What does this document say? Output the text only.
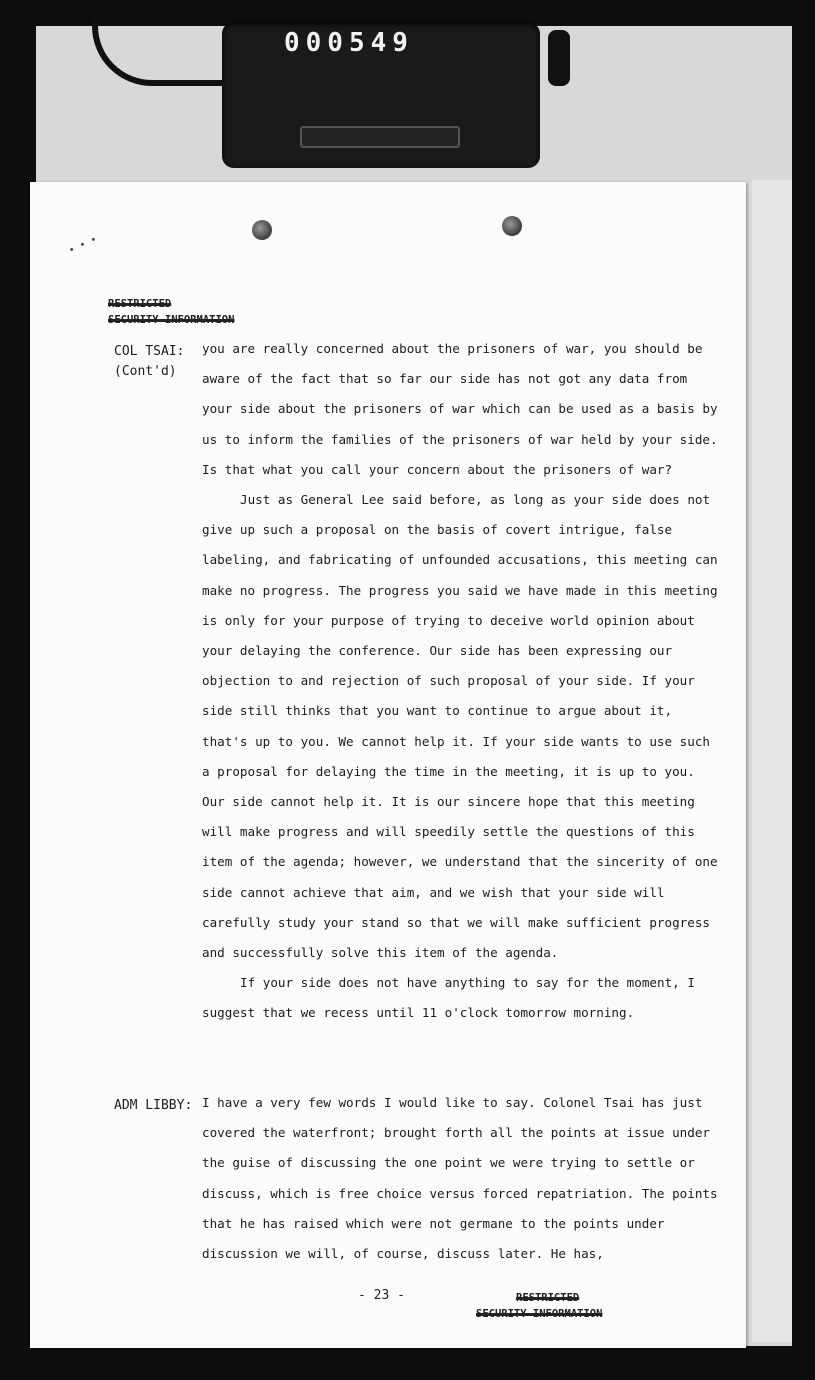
000549
• • •
RESTRICTED
SECURITY INFORMATION
COL TSAI:
(Cont'd)

you are really concerned about the prisoners of war, you should be aware of the fact that so far our side has not got any data from your side about the prisoners of war which can be used as a basis by us to inform the families of the prisoners of war held by your side. Is that what you call your concern about the prisoners of war?

Just as General Lee said before, as long as your side does not give up such a proposal on the basis of covert intrigue, false labeling, and fabricating of unfounded accusations, this meeting can make no progress. The progress you said we have made in this meeting is only for your purpose of trying to deceive world opinion about your delaying the conference. Our side has been expressing our objection to and rejection of such proposal of your side. If your side still thinks that you want to continue to argue about it, that's up to you. We cannot help it. If your side wants to use such a proposal for delaying the time in the meeting, it is up to you. Our side cannot help it. It is our sincere hope that this meeting will make progress and will speedily settle the questions of this item of the agenda; however, we understand that the sincerity of one side cannot achieve that aim, and we wish that your side will carefully study your stand so that we will make sufficient progress and successfully solve this item of the agenda.

If your side does not have anything to say for the moment, I suggest that we recess until 11 o'clock tomorrow morning.

ADM LIBBY: I have a very few words I would like to say. Colonel Tsai has just covered the waterfront; brought forth all the points at issue under the guise of discussing the one point we were trying to settle or discuss, which is free choice versus forced repatriation. The points that he has raised which were not germane to the points under discussion we will, of course, discuss later. He has,

- 23 -	RESTRICTED
SECURITY INFORMATION
